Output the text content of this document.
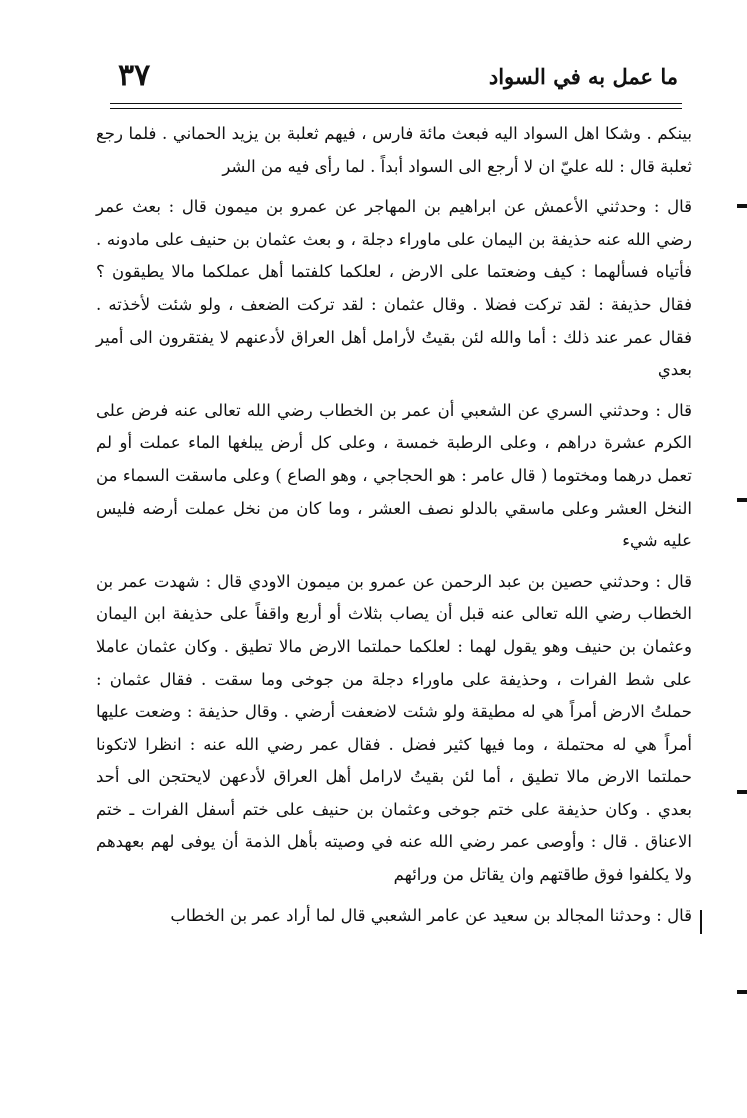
ما عمل به في السواد
٣٧

بينكم . وشكا اهل السواد اليه فبعث مائة فارس ، فيهم ثعلبة بن يزيد الحماني . فلما رجع ثعلبة قال : لله عليّ ان لا أرجع الى السواد أبداً . لما رأى فيه من الشر

قال : وحدثني الأعمش عن ابراهيم بن المهاجر عن عمرو بن ميمون قال : بعث عمر رضي الله عنه حذيفة بن اليمان على ماوراء دجلة ، و بعث عثمان بن حنيف على مادونه . فأتياه فسألهما : كيف وضعتما على الارض ، لعلكما كلفتما أهل عملكما مالا يطيقون ؟ فقال حذيفة : لقد تركت فضلا . وقال عثمان : لقد تركت الضعف ، ولو شئت لأخذته . فقال عمر عند ذلك : أما والله لئن بقيتُ لأرامل أهل العراق لأدعنهم لا يفتقرون الى أمير بعدي

قال : وحدثني السري عن الشعبي أن عمر بن الخطاب رضي الله تعالى عنه فرض على الكرم عشرة دراهم ، وعلى الرطبة خمسة ، وعلى كل أرض يبلغها الماء عملت أو لم تعمل درهما ومختوما ( قال عامر : هو الحجاجي ، وهو الصاع ) وعلى ماسقت السماء من النخل العشر وعلى ماسقي بالدلو نصف العشر ، وما كان من نخل عملت أرضه فليس عليه شيء

قال : وحدثني حصين بن عبد الرحمن عن عمرو بن ميمون الاودي قال : شهدت عمر بن الخطاب رضي الله تعالى عنه قبل أن يصاب بثلاث أو أربع واقفاً على حذيفة ابن اليمان وعثمان بن حنيف وهو يقول لهما : لعلكما حملتما الارض مالا تطيق . وكان عثمان عاملا على شط الفرات ، وحذيفة على ماوراء دجلة من جوخى وما سقت . فقال عثمان : حملتُ الارض أمراً هي له مطيقة ولو شئت لاضعفت أرضي . وقال حذيفة : وضعت عليها أمراً هي له محتملة ، وما فيها كثير فضل . فقال عمر رضي الله عنه : انظرا لاتكونا حملتما الارض مالا تطيق ، أما لئن بقيتُ لارامل أهل العراق لأدعهن لايحتجن الى أحد بعدي . وكان حذيفة على ختم جوخى وعثمان بن حنيف على ختم أسفل الفرات ـ ختم الاعناق . قال : وأوصى عمر رضي الله عنه في وصيته بأهل الذمة أن يوفى لهم بعهدهم ولا يكلفوا فوق طاقتهم وان يقاتل من ورائهم

قال : وحدثنا المجالد بن سعيد عن عامر الشعبي قال لما أراد عمر بن الخطاب
